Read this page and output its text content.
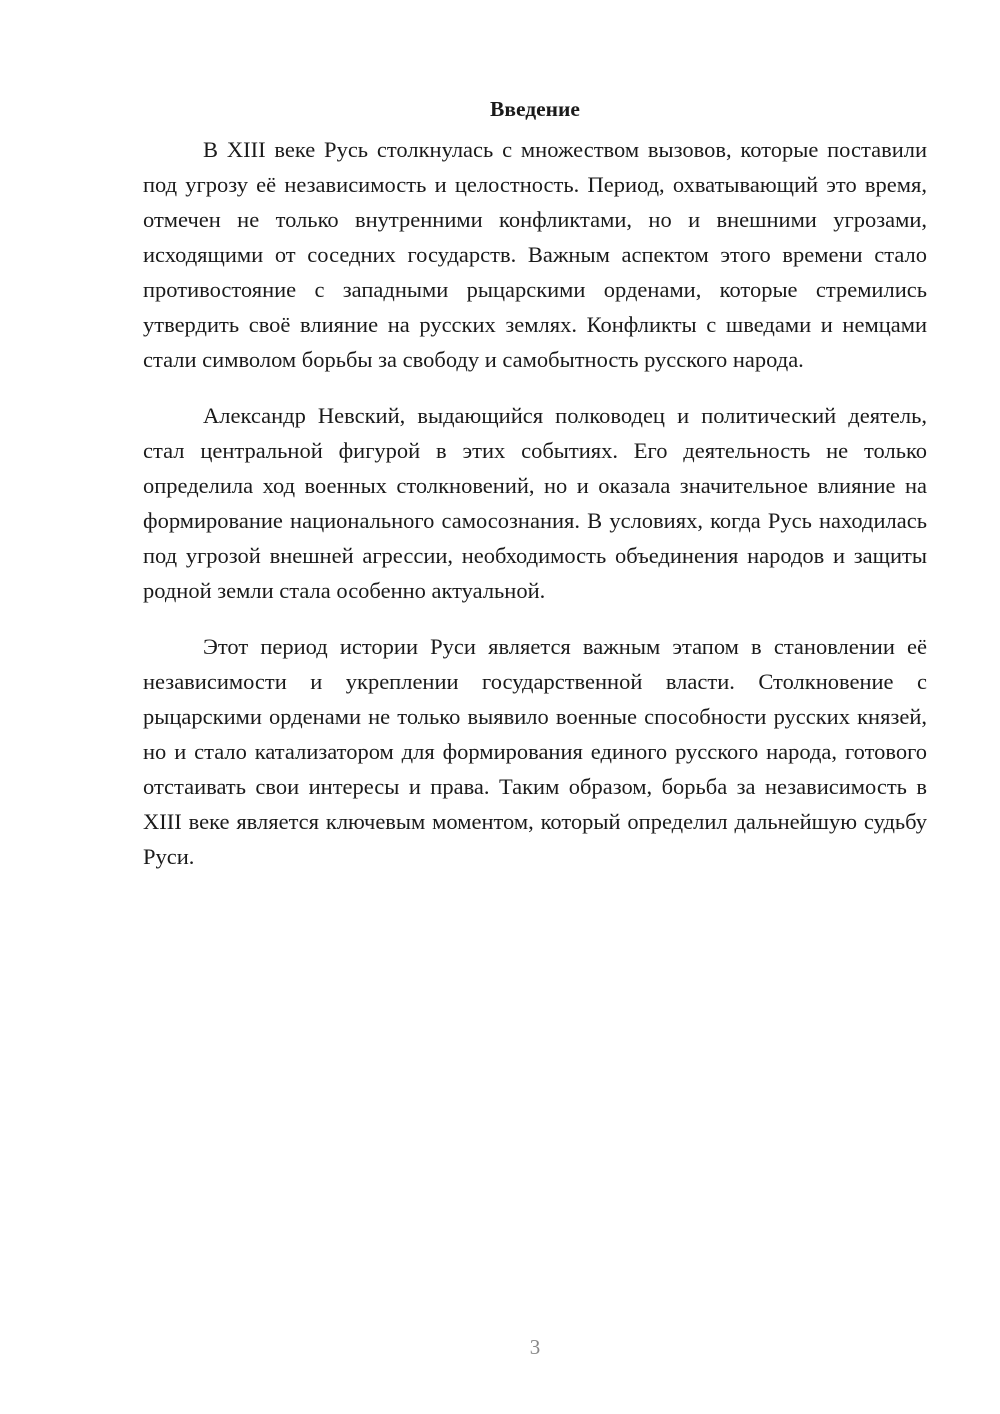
Введение

В XIII веке Русь столкнулась с множеством вызовов, которые поставили под угрозу её независимость и целостность. Период, охватывающий это время, отмечен не только внутренними конфликтами, но и внешними угрозами, исходящими от соседних государств. Важным аспектом этого времени стало противостояние с западными рыцарскими орденами, которые стремились утвердить своё влияние на русских землях. Конфликты с шведами и немцами стали символом борьбы за свободу и самобытность русского народа.

Александр Невский, выдающийся полководец и политический деятель, стал центральной фигурой в этих событиях. Его деятельность не только определила ход военных столкновений, но и оказала значительное влияние на формирование национального самосознания. В условиях, когда Русь находилась под угрозой внешней агрессии, необходимость объединения народов и защиты родной земли стала особенно актуальной.

Этот период истории Руси является важным этапом в становлении её независимости и укреплении государственной власти. Столкновение с рыцарскими орденами не только выявило военные способности русских князей, но и стало катализатором для формирования единого русского народа, готового отстаивать свои интересы и права. Таким образом, борьба за независимость в XIII веке является ключевым моментом, который определил дальнейшую судьбу Руси.

3
